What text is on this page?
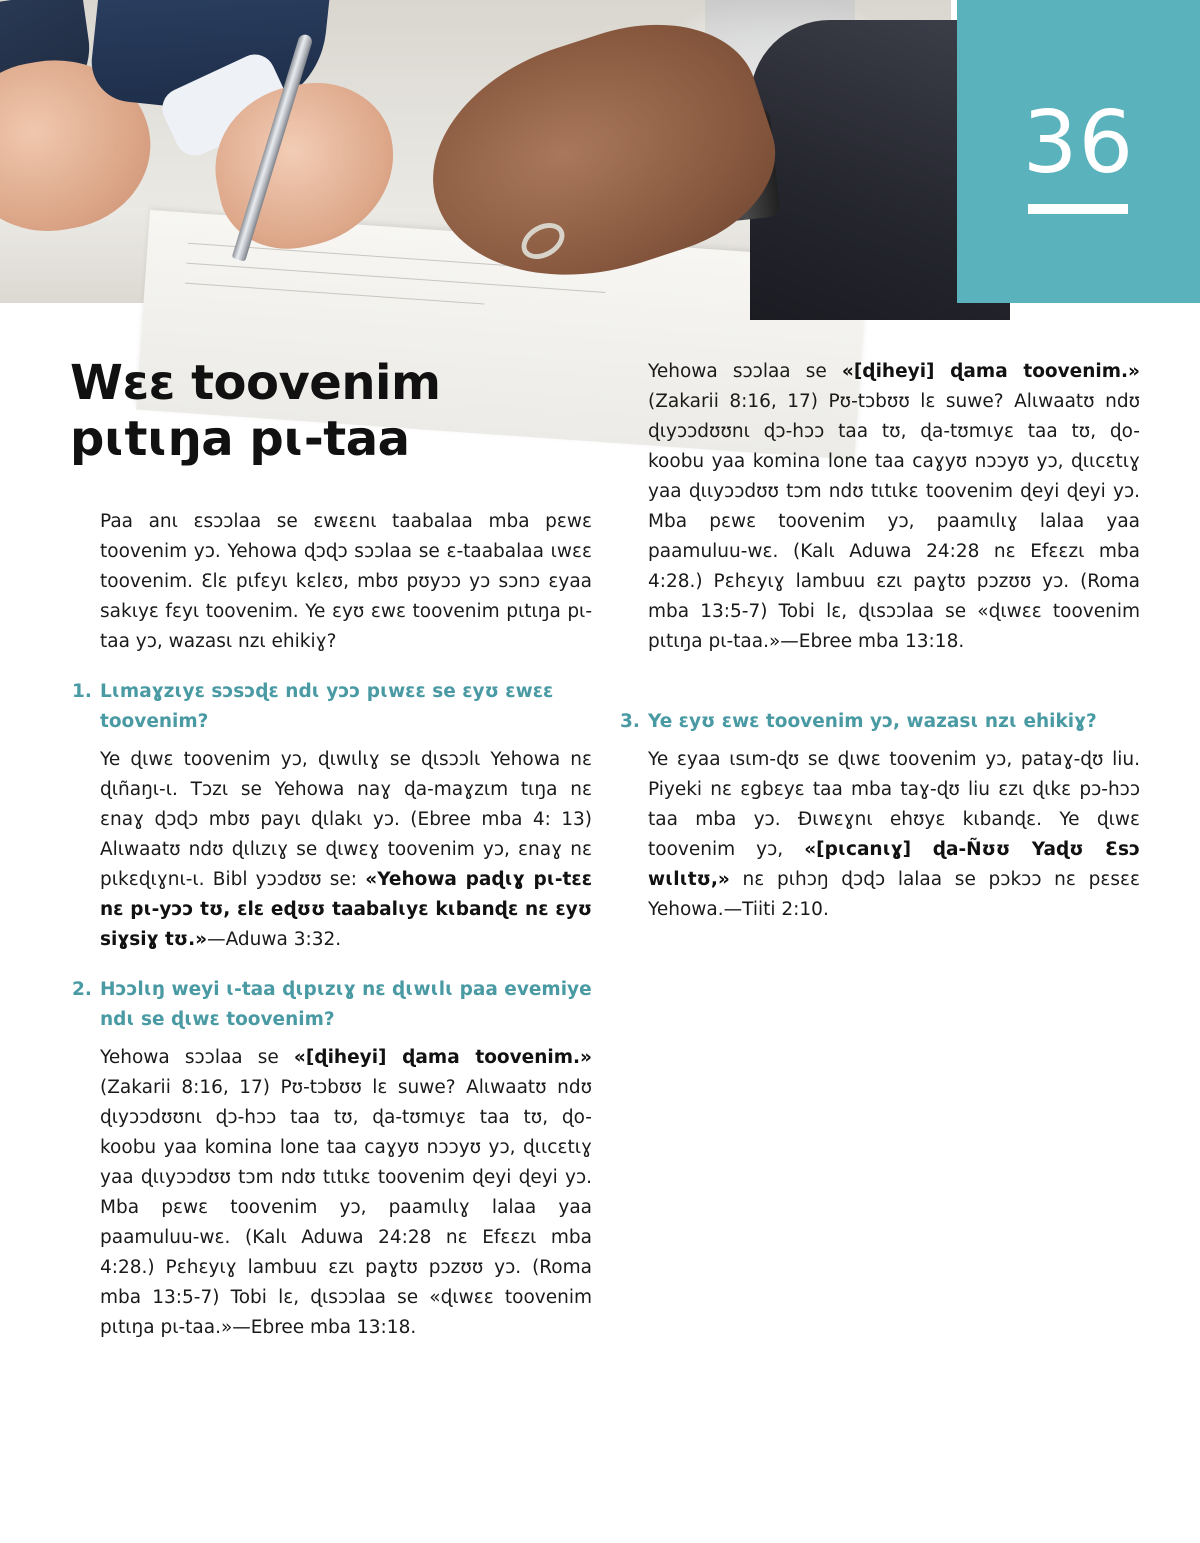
36
Wɛɛ toovenim
pɩtɩŋa pɩ-taa

Paa anɩ ɛsɔɔlaa se ɛwɛɛnɩ taabalaa mba pɛwɛ toovenim yɔ. Yehowa ɖɔɖɔ sɔɔlaa se ɛ-taabalaa ɩwɛɛ toovenim. Ɛlɛ pɩfɛyɩ kɛlɛʊ, mbʊ pʊyɔɔ yɔ sɔnɔ ɛyaa sakɩyɛ fɛyɩ toovenim. Ye ɛyʊ ɛwɛ toovenim pɩtɩŋa pɩ-taa yɔ, wazasɩ nzɩ ehikiɣ?

1. Lɩmaɣzɩyɛ sɔsɔɖɛ ndɩ yɔɔ pɩwɛɛ se ɛyʊ ɛwɛɛ toovenim?

Ye ɖɩwɛ toovenim yɔ, ɖɩwɩlɩɣ se ɖɩsɔɔlɩ Yehowa nɛ ɖɩñaŋɩ-ɩ. Tɔzɩ se Yehowa naɣ ɖa-maɣzɩm tɩŋa nɛ ɛnaɣ ɖɔɖɔ mbʊ payɩ ɖɩlakɩ yɔ. (Ebree mba 4: 13) Alɩwaatʊ ndʊ ɖɩlɩzɩɣ se ɖɩwɛɣ toovenim yɔ, ɛnaɣ nɛ pɩkɛɖɩɣnɩ-ɩ. Bibl yɔɔdʊʊ se: «Yehowa paɖɩɣ pɩ-tɛɛ nɛ pɩ-yɔɔ tʊ, ɛlɛ eɖʊʊ taabalɩyɛ kɩbanɖɛ nɛ ɛyʊ siɣsiɣ tʊ.»—Aduwa 3:32.

2. Hɔɔlɩŋ weyi ɩ-taa ɖɩpɩzɩɣ nɛ ɖɩwɩlɩ paa evemiye ndɩ se ɖɩwɛ toovenim?

Yehowa sɔɔlaa se «[ɖiheyi] ɖama toovenim.» (Zakarii 8:16, 17) Pʊ-tɔbʊʊ lɛ suwe? Alɩwaatʊ ndʊ ɖɩyɔɔdʊʊnɩ ɖɔ-hɔɔ taa tʊ, ɖa-tʊmɩyɛ taa tʊ, ɖo-koobu yaa komina lone taa caɣyʊ nɔɔyʊ yɔ, ɖɩɩcɛtɩɣ yaa ɖɩɩyɔɔdʊʊ tɔm ndʊ tɩtɩkɛ toovenim ɖeyi ɖeyi yɔ. Mba pɛwɛ toovenim yɔ, paamɩlɩɣ lalaa yaa paamuluu-wɛ. (Kalɩ Aduwa 24:28 nɛ Efɛɛzɩ mba 4:28.) Pɛhɛyɩɣ lambuu ɛzɩ paɣtʊ pɔzʊʊ yɔ. (Roma mba 13:5-7) Tobi lɛ, ɖɩsɔɔlaa se «ɖɩwɛɛ toovenim pɩtɩŋa pɩ-taa.»—Ebree mba 13:18.

Yehowa sɔɔlaa se «[ɖiheyi] ɖama toovenim.» (Zakarii 8:16, 17) Pʊ-tɔbʊʊ lɛ suwe? Alɩwaatʊ ndʊ ɖɩyɔɔdʊʊnɩ ɖɔ-hɔɔ taa tʊ, ɖa-tʊmɩyɛ taa tʊ, ɖo-koobu yaa komina lone taa caɣyʊ nɔɔyʊ yɔ, ɖɩɩcɛtɩɣ yaa ɖɩɩyɔɔdʊʊ tɔm ndʊ tɩtɩkɛ toovenim ɖeyi ɖeyi yɔ. Mba pɛwɛ toovenim yɔ, paamɩlɩɣ lalaa yaa paamuluu-wɛ. (Kalɩ Aduwa 24:28 nɛ Efɛɛzɩ mba 4:28.) Pɛhɛyɩɣ lambuu ɛzɩ paɣtʊ pɔzʊʊ yɔ. (Roma mba 13:5-7) Tobi lɛ, ɖɩsɔɔlaa se «ɖɩwɛɛ toovenim pɩtɩŋa pɩ-taa.»—Ebree mba 13:18.

3. Ye ɛyʊ ɛwɛ toovenim yɔ, wazasɩ nzɩ ehikiɣ?

Ye ɛyaa ɩsɩm-ɖʊ se ɖɩwɛ toovenim yɔ, pataɣ-ɖʊ liu. Piyeki nɛ ɛgbɛyɛ taa mba taɣ-ɖʊ liu ɛzɩ ɖɩkɛ pɔ-hɔɔ taa mba yɔ. Ɖɩwɛɣnɩ ehʊyɛ kɩbanɖɛ. Ye ɖɩwɛ toovenim yɔ, «[pɩcanɩɣ] ɖa-Ñʊʊ Yaɖʊ Ɛsɔ wɩlɩtʊ,» nɛ pɩhɔŋ ɖɔɖɔ lalaa se pɔkɔɔ nɛ pɛsɛɛ Yehowa.—Tiiti 2:10.
